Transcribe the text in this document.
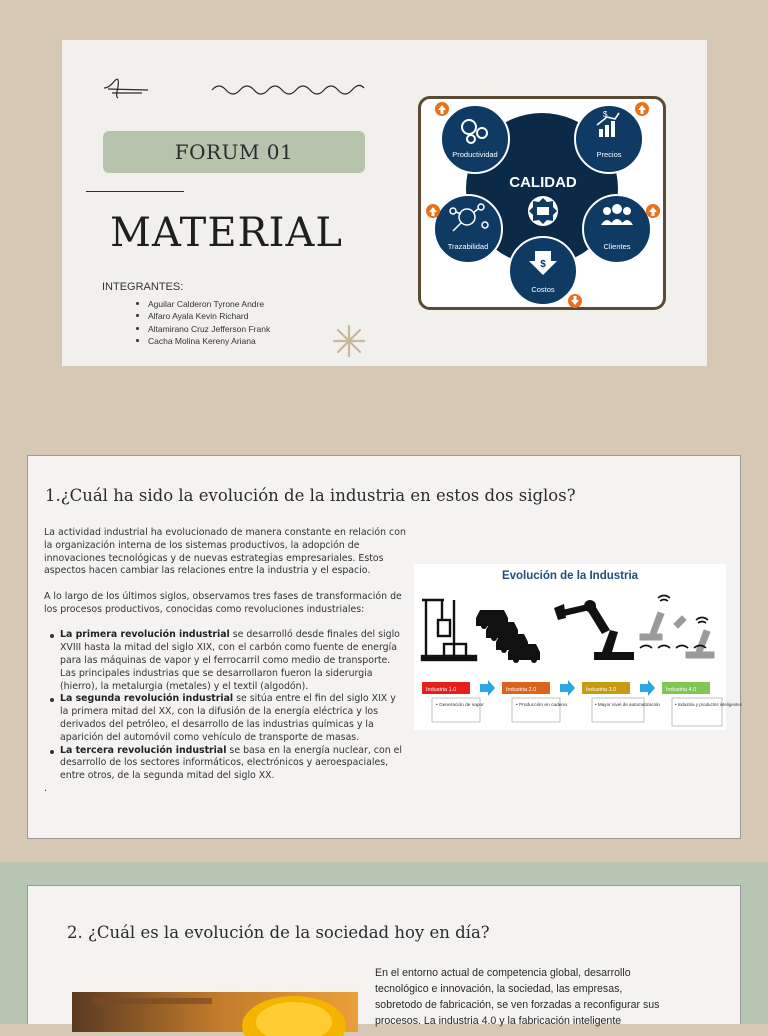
FORUM 01
MATERIAL
INTEGRANTES:
Aguilar Calderon Tyrone Andre
Alfaro Ayala Kevin Richard
Altamirano Cruz Jefferson Frank
Cacha Molina Kereny Ariana
Productividad
$
Precios
Trazabilidad	Clientes
$
Costos
CALIDAD
1.¿Cuál ha sido la evolución de la industria en estos dos siglos?

La actividad industrial ha evolucionado de manera constante en relación con la organización interna de los sistemas productivos, la adopción de innovaciones tecnológicas y de nuevas estrategias empresariales. Estos aspectos hacen cambiar las relaciones entre la industria y el espacio.

A lo largo de los últimos siglos, observamos tres fases de transformación de los procesos productivos, conocidas como revoluciones industriales:

La primera revolución industrial se desarrolló desde finales del siglo XVIII hasta la mitad del siglo XIX, con el carbón como fuente de energía para las máquinas de vapor y el ferrocarril como medio de transporte. Las principales industrias que se desarrollaron fueron la siderurgia (hierro), la metalurgia (metales) y el textil (algodón).
La segunda revolución industrial se sitúa entre el fin del siglo XIX y la primera mitad del XX, con la difusión de la energía eléctrica y los derivados del petróleo, el desarrollo de las industrias químicas y la aparición del automóvil como vehículo de transporte de masas.
La tercera revolución industrial se basa en la energía nuclear, con el desarrollo de los sectores informáticos, electrónicos y aeroespaciales, entre otros, de la segunda mitad del siglo XX.
.
Evolución de la Industria
Industria 1.0
• Generación de vapor
Industria 2.0
• Producción en cadena
Industria 3.0
• Mayor nivel de automatización
Industria 4.0
• Industria y productos inteligentes
2. ¿Cuál es la evolución de la sociedad hoy en día?
En el entorno actual de competencia global, desarrollo tecnológico e innovación, la sociedad, las empresas, sobretodo de fabricación, se ven forzadas a reconfigurar sus procesos. La industria 4.0 y la fabricación inteligente
